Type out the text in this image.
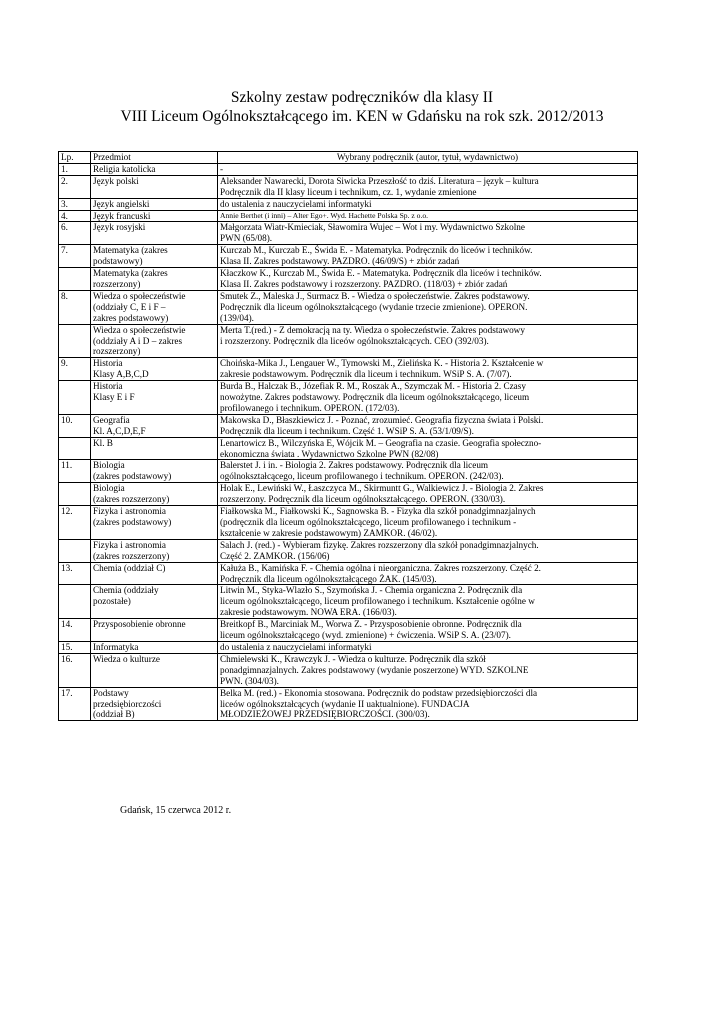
Szkolny zestaw podręczników dla klasy II
VIII Liceum Ogólnokształcącego im. KEN w Gdańsku na rok szk. 2012/2013
Lp.	Przedmiot	Wybrany podręcznik (autor, tytuł, wydawnictwo)

1.	Religia katolicka	-

2.	Język polski	Aleksander Nawarecki, Dorota Siwicka Przeszłość to dziś. Literatura – język – kultura
Podręcznik dla II klasy liceum i technikum, cz. 1, wydanie zmienione

3.	Język angielski	do ustalenia z nauczycielami informatyki

4.	Język francuski	Annie Berthet (i inni) – Alter Ego+. Wyd. Hachette Polska Sp. z o.o.

6.	Język rosyjski	Małgorzata Wiatr-Kmieciak, Sławomira Wujec – Wot i my. Wydawnictwo Szkolne
PWN (65/08).

7.	Matematyka (zakres
podstawowy)	Kurczab M., Kurczab E., Świda E. - Matematyka. Podręcznik do liceów i techników.
Klasa II. Zakres podstawowy. PAZDRO. (46/09/S) + zbiór zadań

	Matematyka (zakres
rozszerzony)	Kłaczkow K., Kurczab M., Świda E. - Matematyka. Podręcznik dla liceów i techników.
Klasa II. Zakres podstawowy i rozszerzony. PAZDRO. (118/03) + zbiór zadań

8.	Wiedza o społeczeństwie
(oddziały C, E i F –
zakres podstawowy)	Smutek Z., Maleska J., Surmacz B. - Wiedza o społeczeństwie. Zakres podstawowy.
Podręcznik dla liceum ogólnokształcącego (wydanie trzecie zmienione). OPERON.
(139/04).

	Wiedza o społeczeństwie
(oddziały A i D – zakres
rozszerzony)	Merta T.(red.) - Z demokracją na ty. Wiedza o społeczeństwie. Zakres podstawowy
i rozszerzony. Podręcznik dla liceów ogólnokształcących. CEO (392/03).

9.	Historia
Klasy A,B,C,D	Choińska-Mika J., Lengauer W., Tymowski M., Zielińska K. - Historia 2. Kształcenie w
zakresie podstawowym. Podręcznik dla liceum i technikum. WSiP S. A. (7/07).

	Historia
Klasy E i F	Burda B., Halczak B., Józefiak R. M., Roszak A., Szymczak M. - Historia 2. Czasy
nowożytne. Zakres podstawowy. Podręcznik dla liceum ogólnokształcącego, liceum
profilowanego i technikum. OPERON. (172/03).

10.	Geografia
Kl. A,C,D,E,F	Makowska D., Błaszkiewicz J. - Poznać, zrozumieć. Geografia fizyczna świata i Polski.
Podręcznik dla liceum i technikum. Część 1. WSiP S. A. (53/1/09/S).

	Kl. B	Lenartowicz B., Wilczyńska E, Wójcik M. – Geografia na czasie. Geografia społeczno-
ekonomiczna świata . Wydawnictwo Szkolne PWN (82/08)

11.	Biologia
(zakres podstawowy)	Balerstet J. i in. - Biologia 2. Zakres podstawowy. Podręcznik dla liceum
ogólnokształcącego, liceum profilowanego i technikum. OPERON. (242/03).

	Biologia
(zakres rozszerzony)	Holak E., Lewiński W., Łaszczyca M., Skirmuntt G., Walkiewicz J. - Biologia 2. Zakres
rozszerzony. Podręcznik dla liceum ogólnokształcącego. OPERON. (330/03).

12.	Fizyka i astronomia
(zakres podstawowy)	Fiałkowska M., Fiałkowski K., Sagnowska B. - Fizyka dla szkół ponadgimnazjalnych
(podręcznik dla liceum ogólnokształcącego, liceum profilowanego i technikum -
kształcenie w zakresie podstawowym) ZAMKOR. (46/02).

	Fizyka i astronomia
(zakres rozszerzony)	Salach J. (red.) - Wybieram fizykę. Zakres rozszerzony dla szkół ponadgimnazjalnych.
Część 2. ZAMKOR. (156/06)

13.	Chemia (oddział C)	Kałuża B., Kamińska F. - Chemia ogólna i nieorganiczna. Zakres rozszerzony. Część 2.
Podręcznik dla liceum ogólnokształcącego ŻAK. (145/03).

	Chemia (oddziały
pozostałe)	Litwin M., Styka-Wlazło S., Szymońska J. - Chemia organiczna 2. Podręcznik dla
liceum ogólnokształcącego, liceum profilowanego i technikum. Kształcenie ogólne w
zakresie podstawowym. NOWA ERA. (166/03).

14.	Przysposobienie obronne	Breitkopf B., Marciniak M., Worwa Z. - Przysposobienie obronne. Podręcznik dla
liceum ogólnokształcącego (wyd. zmienione) + ćwiczenia. WSiP S. A. (23/07).

15.	Informatyka	do ustalenia z nauczycielami informatyki

16.	Wiedza o kulturze	Chmielewski K., Krawczyk J. - Wiedza o kulturze. Podręcznik dla szkół
ponadgimnazjalnych. Zakres podstawowy (wydanie poszerzone) WYD. SZKOLNE
PWN. (304/03).

17.	Podstawy
przedsiębiorczości
(oddział B)	Belka M. (red.) - Ekonomia stosowana. Podręcznik do podstaw przedsiębiorczości dla
liceów ogólnokształcących (wydanie II uaktualnione). FUNDACJA
MŁODZIEŻOWEJ PRZEDSIĘBIORCZOŚCI. (300/03).
Gdańsk, 15 czerwca 2012 r.
